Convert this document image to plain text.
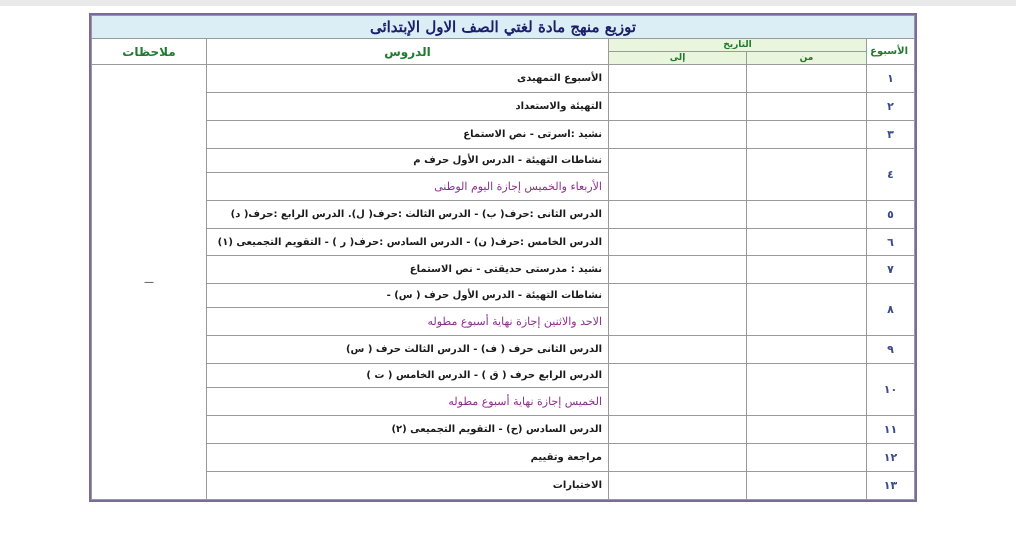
توزيع منهج مادة لغتي الصف الاول الإبتدائى				
الأسبوع	التاريخ		الدروس	ملاحظات
	من	إلى		
١			الأسبوع التمهيدى	—
٢			التهيئة والاستعداد	
٣			نشيد :اسرتى - نص الاستماع	
٤			نشاطات التهيئة - الدرس الأول حرف م	
			الأربعاء والخميس إجازة اليوم الوطنى	
٥			الدرس الثانى :حرف( ب) - الدرس الثالث :حرف( ل). الدرس الرابع :حرف( د)	
٦			الدرس الخامس :حرف( ن) - الدرس السادس :حرف( ر ) - التقويم التجميعى (١)	
٧			نشيد : مدرستى حديقتى - نص الاستماع	
٨			نشاطات التهيئة - الدرس الأول حرف ( س) -	
			الاحد والاثنين إجازة نهاية أسبوع مطوله	
٩			الدرس الثانى حرف ( ف) - الدرس الثالث حرف ( س)	
١٠			الدرس الرابع حرف ( ق ) - الدرس الخامس ( ت )	
			الخميس إجازة نهاية أسبوع مطوله	
١١			الدرس السادس (ح) - التقويم التجميعى (٢)	
١٢			مراجعة وتقييم	
١٣			الاختبارات	
